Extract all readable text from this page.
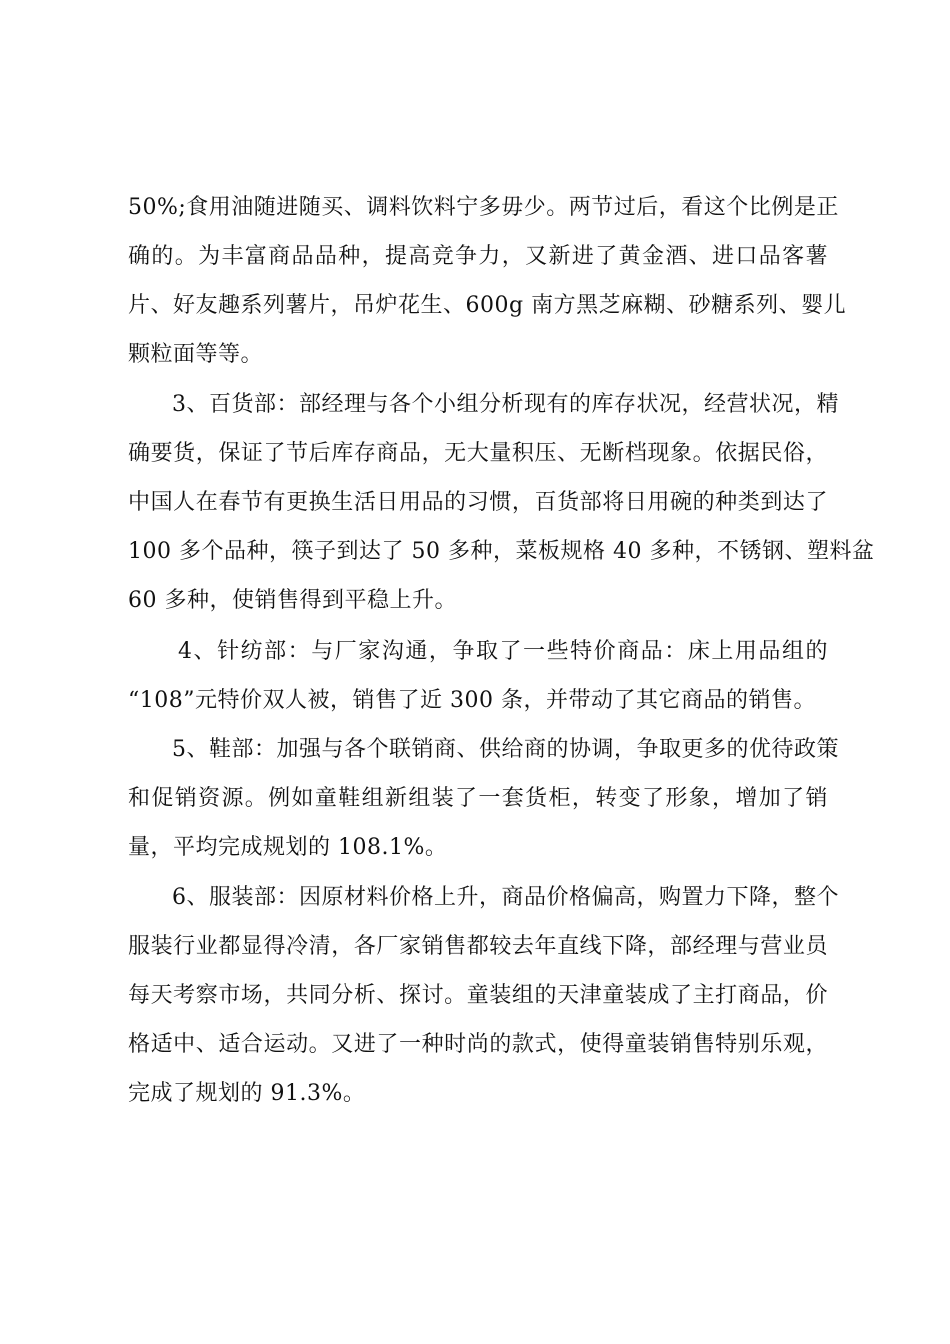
50%;食用油随进随买、调料饮料宁多毋少。两节过后，看这个比例是正
确的。为丰富商品品种，提高竞争力，又新进了黄金酒、进口品客薯
片、好友趣系列薯片，吊炉花生、600g 南方黑芝麻糊、砂糖系列、婴儿
颗粒面等等。
3、百货部：部经理与各个小组分析现有的库存状况，经营状况，精
确要货，保证了节后库存商品，无大量积压、无断档现象。依据民俗，
中国人在春节有更换生活日用品的习惯，百货部将日用碗的种类到达了
100 多个品种，筷子到达了 50 多种，菜板规格 40 多种，不锈钢、塑料盆
60 多种，使销售得到平稳上升。
4、针纺部：与厂家沟通，争取了一些特价商品：床上用品组的
“108”元特价双人被，销售了近 300 条，并带动了其它商品的销售。
5、鞋部：加强与各个联销商、供给商的协调，争取更多的优待政策
和促销资源。例如童鞋组新组装了一套货柜，转变了形象，增加了销
量，平均完成规划的 108.1%。
6、服装部：因原材料价格上升，商品价格偏高，购置力下降，整个
服装行业都显得冷清，各厂家销售都较去年直线下降，部经理与营业员
每天考察市场，共同分析、探讨。童装组的天津童装成了主打商品，价
格适中、适合运动。又进了一种时尚的款式，使得童装销售特别乐观，
完成了规划的 91.3%。
